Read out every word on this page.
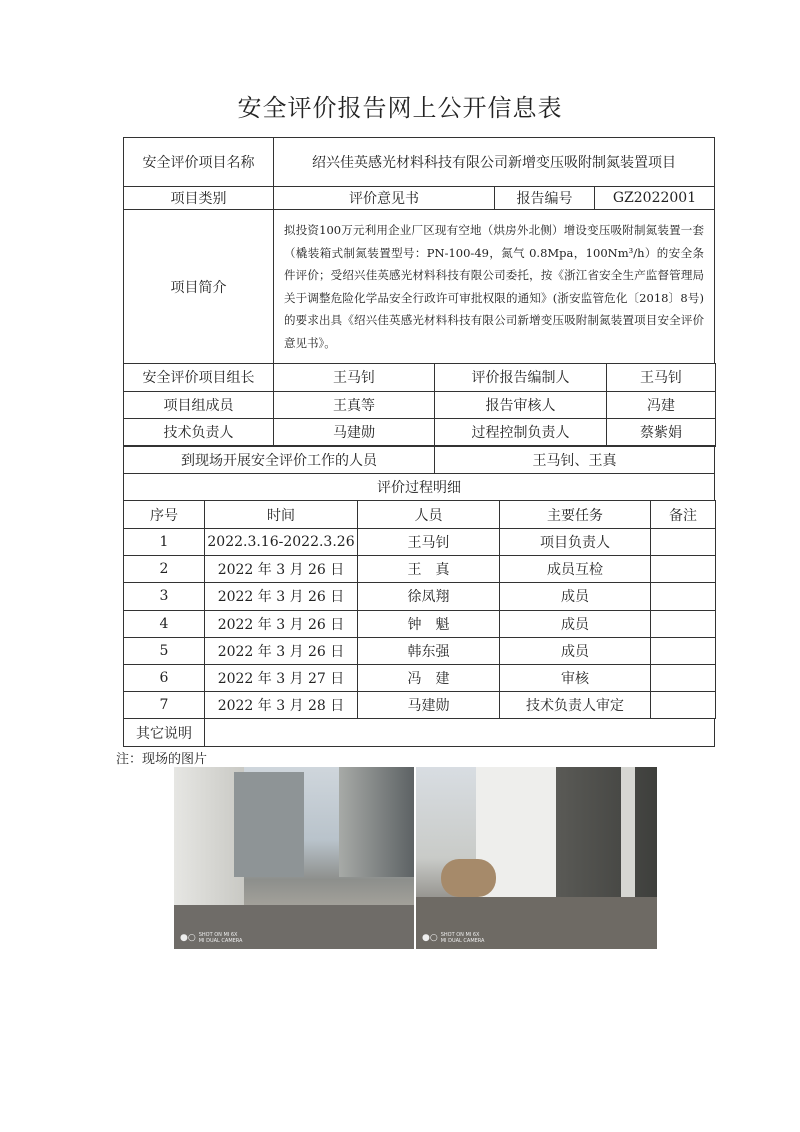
安全评价报告网上公开信息表
安全评价项目名称	绍兴佳英感光材料科技有限公司新增变压吸附制氮装置项目
项目类别	评价意见书	报告编号	GZ2022001
项目简介
拟投资100万元利用企业厂区现有空地（烘房外北侧）增设变压吸附制氮装置一套（橇装箱式制氮装置型号：PN-100-49，氮气 0.8Mpa，100Nm³/h）的安全条件评价；受绍兴佳英感光材料科技有限公司委托，按《浙江省安全生产监督管理局关于调整危险化学品安全行政许可审批权限的通知》(浙安监管危化〔2018〕8号)的要求出具《绍兴佳英感光材料科技有限公司新增变压吸附制氮装置项目安全评价意见书》。
安全评价项目组长	王马钊	评价报告编制人	王马钊
项目组成员	王真等	报告审核人	冯建
技术负责人	马建勋	过程控制负责人	蔡紫娟
到现场开展安全评价工作的人员	王马钊、王真
评价过程明细
序号	时间	人员	主要任务	备注
1	2022.3.16-2022.3.26	王马钊	项目负责人
2	2022 年 3 月 26 日	王　真	成员互检
3	2022 年 3 月 26 日	徐凤翔	成员
4	2022 年 3 月 26 日	钟　魁	成员
5	2022 年 3 月 26 日	韩东强	成员
6	2022 年 3 月 27 日	冯　建	审核
7	2022 年 3 月 28 日	马建勋	技术负责人审定
其它说明
注：现场的图片
●○ SHOT ON MI 6X
MI DUAL CAMERA	●○ SHOT ON MI 6X
MI DUAL CAMERA
